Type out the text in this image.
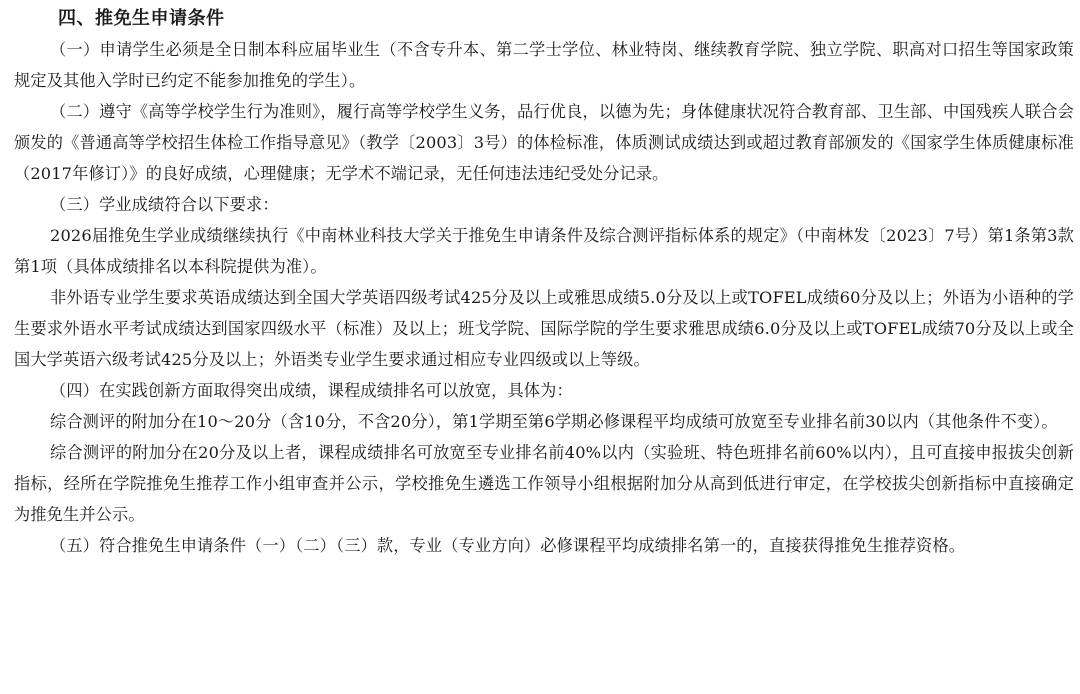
四、推免生申请条件

（一）申请学生必须是全日制本科应届毕业生（不含专升本、第二学士学位、林业特岗、继续教育学院、独立学院、职高对口招生等国家政策规定及其他入学时已约定不能参加推免的学生）。

（二）遵守《高等学校学生行为准则》，履行高等学校学生义务，品行优良，以德为先；身体健康状况符合教育部、卫生部、中国残疾人联合会颁发的《普通高等学校招生体检工作指导意见》（教学〔2003〕3号）的体检标准，体质测试成绩达到或超过教育部颁发的《国家学生体质健康标准（2017年修订）》的良好成绩，心理健康；无学术不端记录，无任何违法违纪受处分记录。

（三）学业成绩符合以下要求：

2026届推免生学业成绩继续执行《中南林业科技大学关于推免生申请条件及综合测评指标体系的规定》（中南林发〔2023〕7号）第1条第3款第1项（具体成绩排名以本科院提供为准）。

非外语专业学生要求英语成绩达到全国大学英语四级考试425分及以上或雅思成绩5.0分及以上或TOFEL成绩60分及以上；外语为小语种的学生要求外语水平考试成绩达到国家四级水平（标准）及以上；班戈学院、国际学院的学生要求雅思成绩6.0分及以上或TOFEL成绩70分及以上或全国大学英语六级考试425分及以上；外语类专业学生要求通过相应专业四级或以上等级。

（四）在实践创新方面取得突出成绩，课程成绩排名可以放宽，具体为：

综合测评的附加分在10～20分（含10分，不含20分），第1学期至第6学期必修课程平均成绩可放宽至专业排名前30以内（其他条件不变）。

综合测评的附加分在20分及以上者，课程成绩排名可放宽至专业排名前40%以内（实验班、特色班排名前60%以内），且可直接申报拔尖创新指标，经所在学院推免生推荐工作小组审查并公示，学校推免生遴选工作领导小组根据附加分从高到低进行审定，在学校拔尖创新指标中直接确定为推免生并公示。

（五）符合推免生申请条件（一）（二）（三）款，专业（专业方向）必修课程平均成绩排名第一的，直接获得推免生推荐资格。
